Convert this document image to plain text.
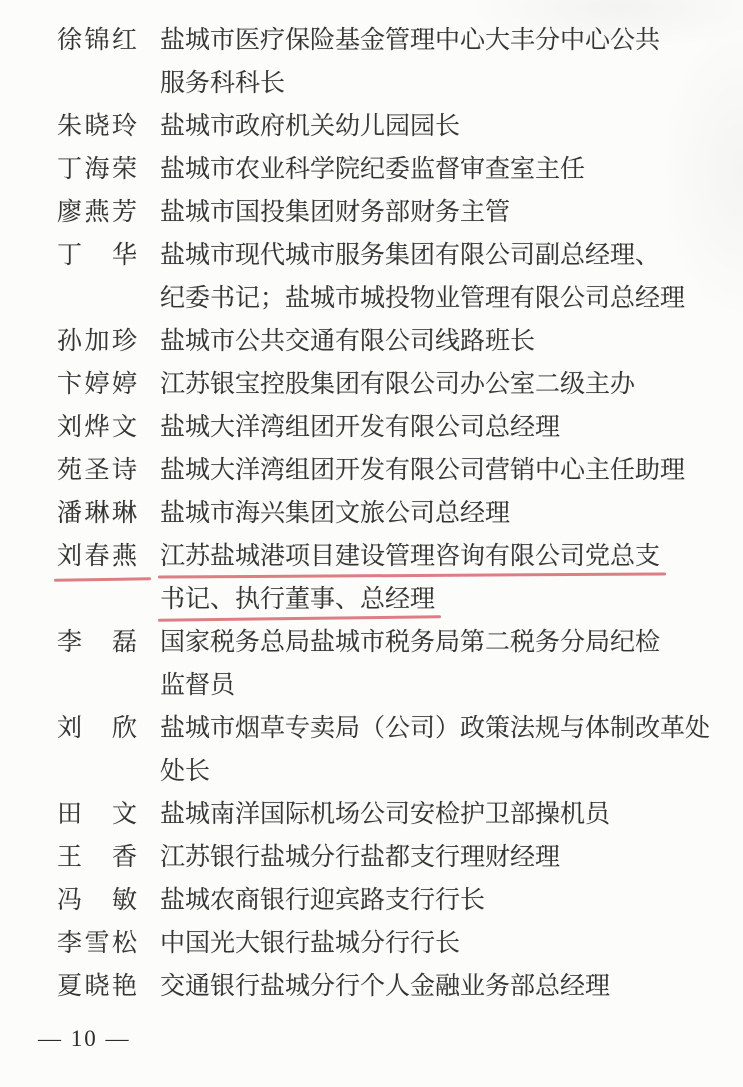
徐 锦 红 盐城市医疗保险基金管理中心大丰分中心公共
服务科科长
朱 晓 玲 盐城市政府机关幼儿园园长
丁 海 荣 盐城市农业科学院纪委监督审查室主任
廖 燕 芳 盐城市国投集团财务部财务主管
丁 华 盐城市现代城市服务集团有限公司副总经理、
纪委书记；盐城市城投物业管理有限公司总经理
孙 加 珍 盐城市公共交通有限公司线路班长
卞 婷 婷 江苏银宝控股集团有限公司办公室二级主办
刘 烨 文 盐城大洋湾组团开发有限公司总经理
苑 圣 诗 盐城大洋湾组团开发有限公司营销中心主任助理
潘 琳 琳 盐城市海兴集团文旅公司总经理
刘 春 燕 江苏盐城港项目建设管理咨询有限公司党总支
书记、执行董事、总经理
李 磊 国家税务总局盐城市税务局第二税务分局纪检
监督员
刘 欣 盐城市烟草专卖局（公司）政策法规与体制改革处
处长
田 文 盐城南洋国际机场公司安检护卫部操机员
王 香 江苏银行盐城分行盐都支行理财经理
冯 敏 盐城农商银行迎宾路支行行长
李 雪 松 中国光大银行盐城分行行长
夏 晓 艳 交通银行盐城分行个人金融业务部总经理
— 10 —
